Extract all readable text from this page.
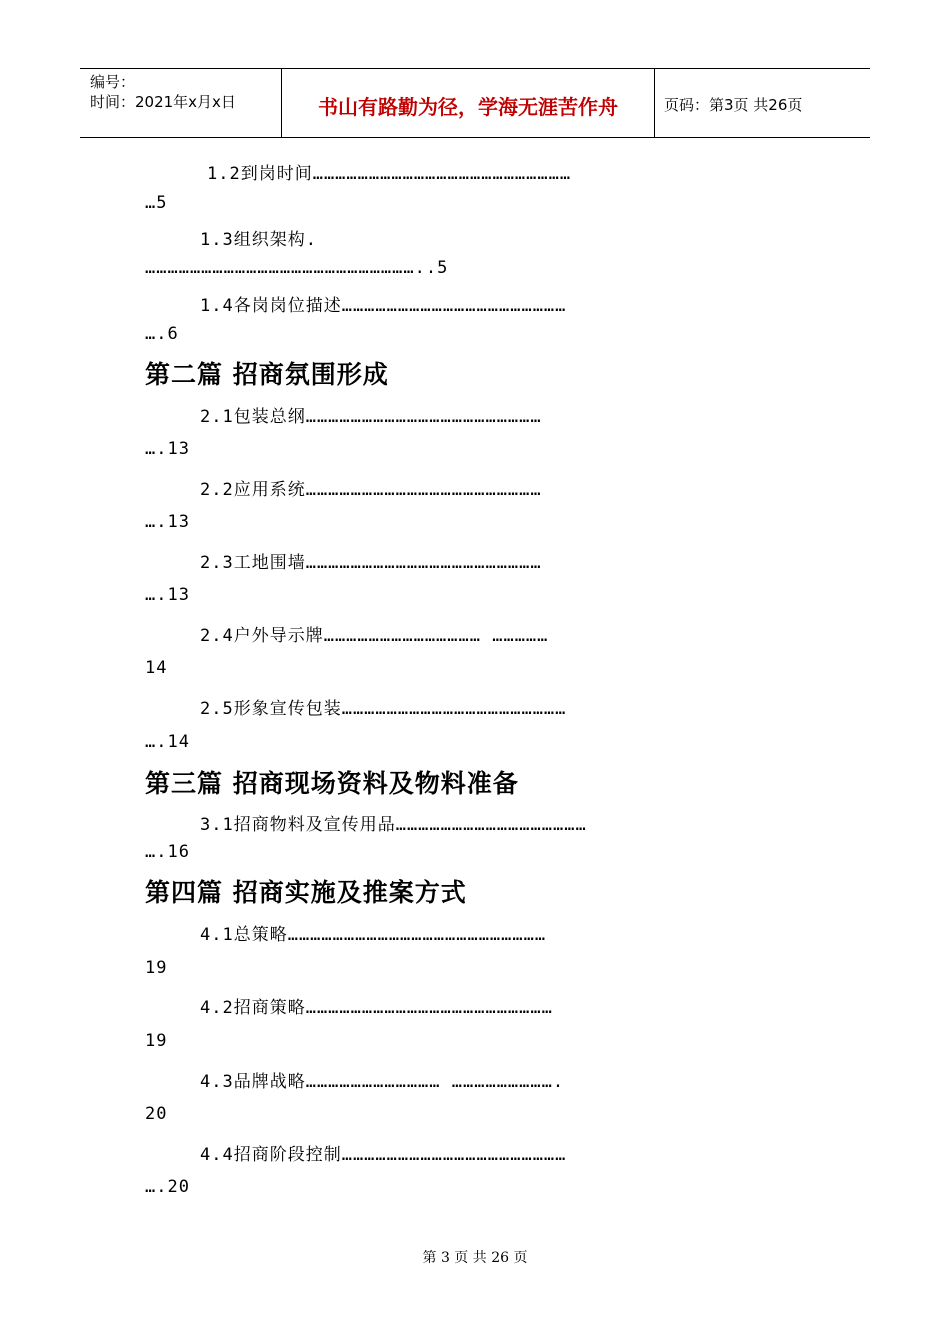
编号：
时间：2021年x月x日	书山有路勤为径，学海无涯苦作舟	页码：第3页 共26页
1.2到岗时间……………………………………………………………
…5
1.3组织架构.
………………………………………………………………..5
1.4各岗岗位描述……………………………………………………
….6
第二篇 招商氛围形成
2.1包装总纲………………………………………………………
….13
2.2应用系统………………………………………………………
….13
2.3工地围墙………………………………………………………
….13
2.4户外导示牌…………………………………… ……………
14
2.5形象宣传包装……………………………………………………
….14
第三篇 招商现场资料及物料准备
3.1招商物料及宣传用品……………………………………………
….16
第四篇 招商实施及推案方式
4.1总策略……………………………………………………………
19
4.2招商策略…………………………………………………………
19
4.3品牌战略……………………………… ……………………….
20
4.4招商阶段控制……………………………………………………
….20
第 3 页 共 26 页
